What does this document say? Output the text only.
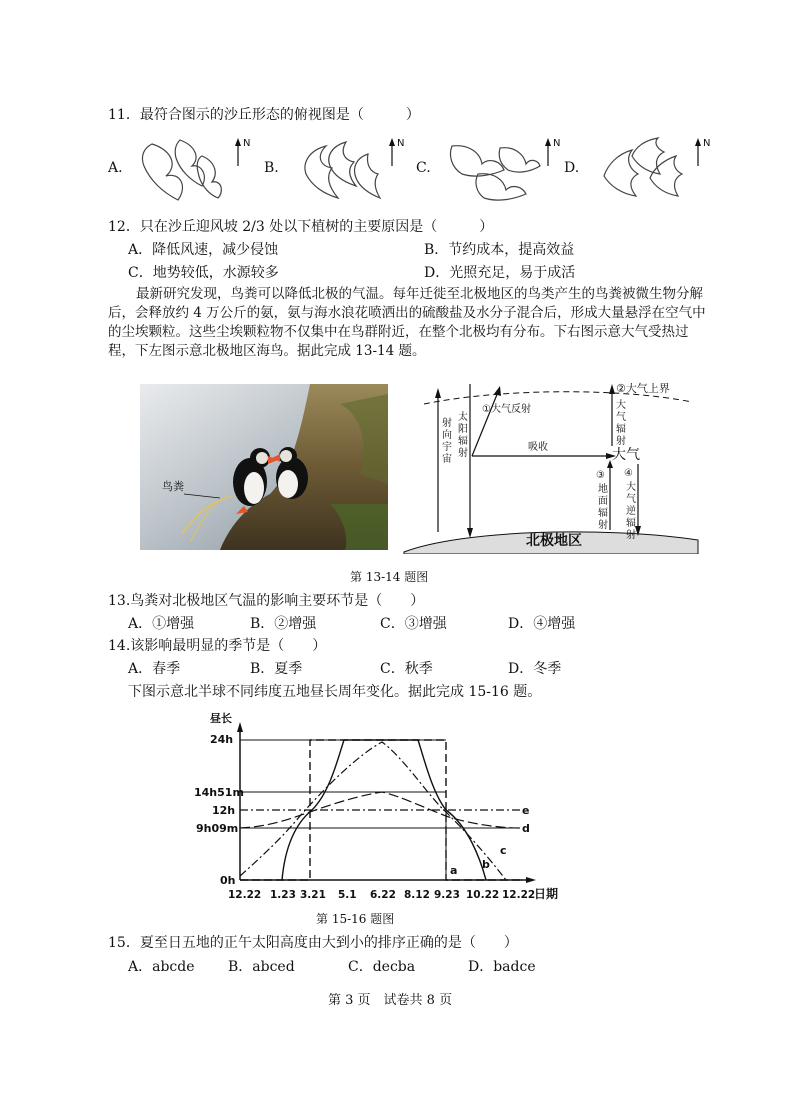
11．最符合图示的沙丘形态的俯视图是（　　　）
A.	B.	C.	D.
N	N	N	N
12．只在沙丘迎风坡 2/3 处以下植树的主要原因是（　　　）
A．降低风速，减少侵蚀	B．节约成本，提高效益
C．地势较低，水源较多	D．光照充足，易于成活
最新研究发现，鸟粪可以降低北极的气温。每年迁徙至北极地区的鸟类产生的鸟粪被微生物分解后，会释放约 4 万公斤的氨，氨与海水浪花喷洒出的硫酸盐及水分子混合后，形成大量悬浮在空气中的尘埃颗粒。这些尘埃颗粒物不仅集中在鸟群附近，在整个北极均有分布。下右图示意大气受热过程，下左图示意北极地区海鸟。据此完成 13-14 题。
鸟粪
北极地区
射
向
宇
宙
太
阳
辐
射
①大气反射
吸收	大气
②大气上界
大
气
辐
射
③
地
面
辐
射
④
大
气
逆
辐
射
第 13-14 题图
13.鸟粪对北极地区气温的影响主要环节是（　　）
A．①增强	B．②增强	C．③增强	D．④增强
14.该影响最明显的季节是（　　）
A．春季	B．夏季	C．秋季	D．冬季
下图示意北半球不同纬度五地昼长周年变化。据此完成 15-16 题。
昼长
24h
14h51m
12h
9h09m
0h
12.22 1.23 3.21 5.1 6.22 8.12 9.23 10.22 12.22
日期
a b
c
d
e
第 15-16 题图
15．夏至日五地的正午太阳高度由大到小的排序正确的是（　　）
A．abcde B．abced	C．decba	D．badce
第 3 页　试卷共 8 页
